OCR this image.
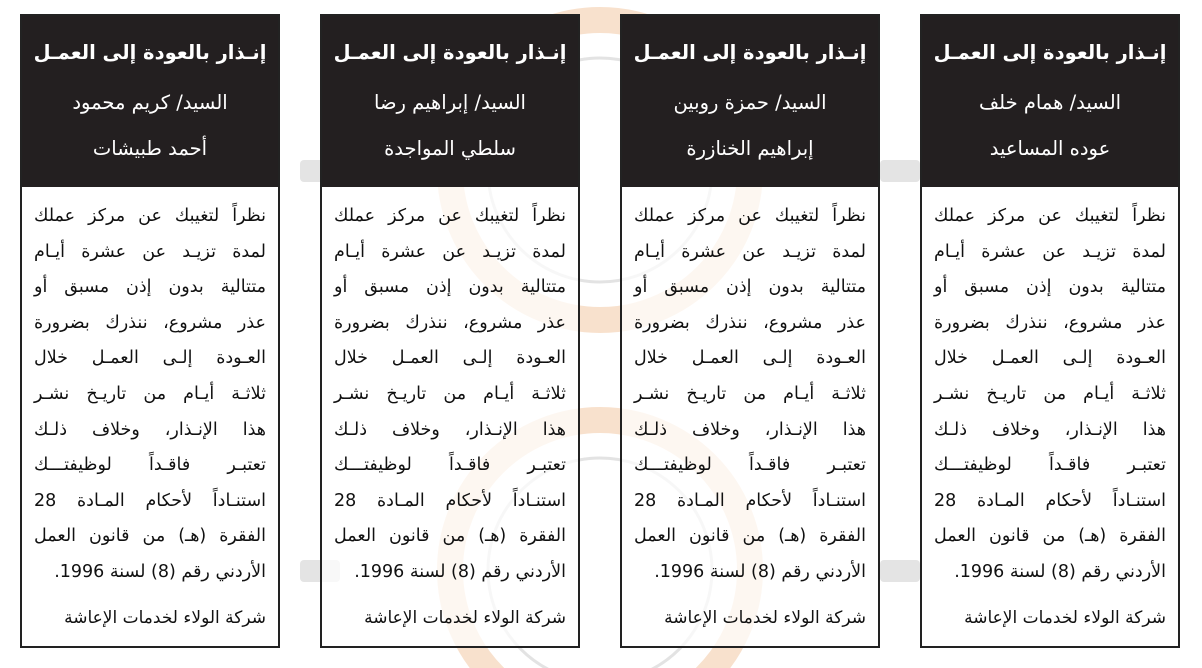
إنـذار بالعودة إلى العمـل
السيد/ همام خلف
عوده المساعيد
نظراً لتغيبك عن مركز عملك
لمدة تزيـد عن عشرة أيـام
متتالية بدون إذن مسبق أو
عذر مشروع، ننذرك بضرورة
العـودة إلـى العمـل خلال
ثلاثـة أيـام من تاريـخ نشـر
هذا الإنـذار، وخلاف ذلـك
تعتبـر فاقـداً لوظيفتـــك
استنـاداً لأحكام المـادة 28
الفقرة (هـ) من قانون العمل
الأردني رقم (8) لسنة 1996.
شركة الولاء لخدمات الإعاشة
إنـذار بالعودة إلى العمـل
السيد/ حمزة روبين
إبراهيم الخنازرة
نظراً لتغيبك عن مركز عملك
لمدة تزيـد عن عشرة أيـام
متتالية بدون إذن مسبق أو
عذر مشروع، ننذرك بضرورة
العـودة إلـى العمـل خلال
ثلاثـة أيـام من تاريـخ نشـر
هذا الإنـذار، وخلاف ذلـك
تعتبـر فاقـداً لوظيفتـــك
استنـاداً لأحكام المـادة 28
الفقرة (هـ) من قانون العمل
الأردني رقم (8) لسنة 1996.
شركة الولاء لخدمات الإعاشة
إنـذار بالعودة إلى العمـل
السيد/ إبراهيم رضا
سلطي المواجدة
نظراً لتغيبك عن مركز عملك
لمدة تزيـد عن عشرة أيـام
متتالية بدون إذن مسبق أو
عذر مشروع، ننذرك بضرورة
العـودة إلـى العمـل خلال
ثلاثـة أيـام من تاريـخ نشـر
هذا الإنـذار، وخلاف ذلـك
تعتبـر فاقـداً لوظيفتـــك
استنـاداً لأحكام المـادة 28
الفقرة (هـ) من قانون العمل
الأردني رقم (8) لسنة 1996.
شركة الولاء لخدمات الإعاشة
إنـذار بالعودة إلى العمـل
السيد/ كريم محمود
أحمد طبيشات
نظراً لتغيبك عن مركز عملك
لمدة تزيـد عن عشرة أيـام
متتالية بدون إذن مسبق أو
عذر مشروع، ننذرك بضرورة
العـودة إلـى العمـل خلال
ثلاثـة أيـام من تاريـخ نشـر
هذا الإنـذار، وخلاف ذلـك
تعتبـر فاقـداً لوظيفتـــك
استنـاداً لأحكام المـادة 28
الفقرة (هـ) من قانون العمل
الأردني رقم (8) لسنة 1996.
شركة الولاء لخدمات الإعاشة
